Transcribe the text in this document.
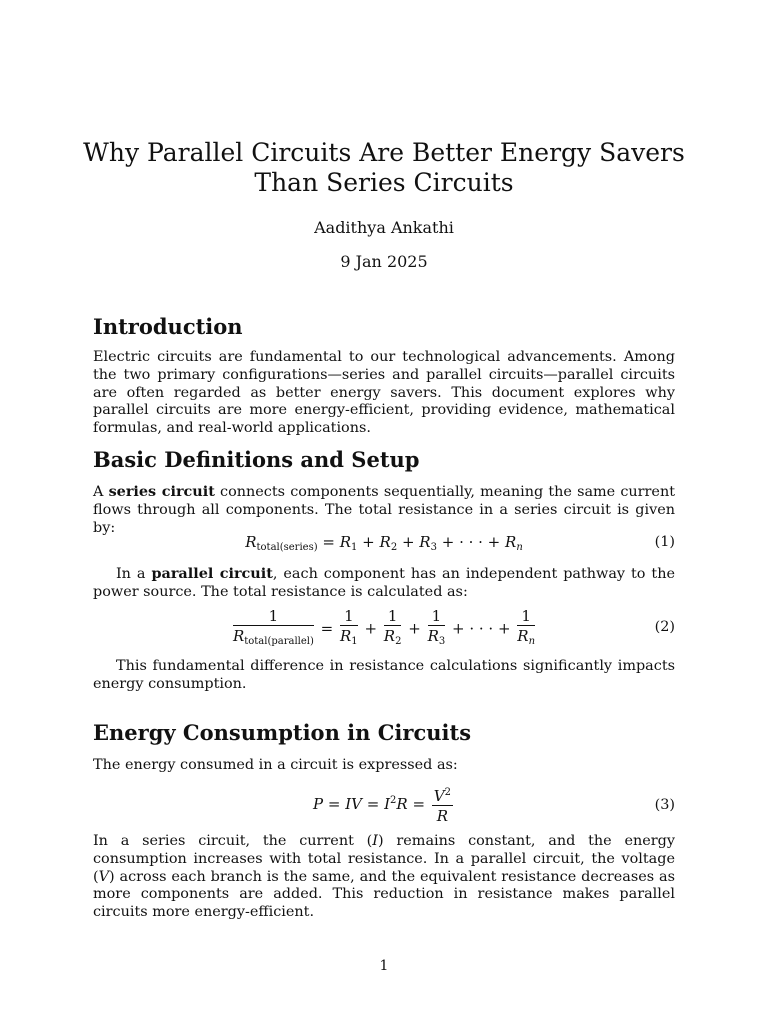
Why Parallel Circuits Are Better Energy Savers Than Series Circuits
Aadithya Ankathi
9 Jan 2025
Introduction

Electric circuits are fundamental to our technological advancements. Among the two primary configurations—series and parallel circuits—parallel circuits are often regarded as better energy savers. This document explores why parallel circuits are more energy-efficient, providing evidence, mathematical formulas, and real-world applications.

Basic Definitions and Setup

A series circuit connects components sequentially, meaning the same current flows through all components. The total resistance in a series circuit is given by:

$R_{total(series)} = R_1 + R_2 + R_3$ + · · · + $R_n$	(1)

In a parallel circuit, each component has an independent pathway to the power source. The total resistance is calculated as:

$\frac{1}{R_{total(parallel)}} = \frac{1}{R_1} + \frac{1}{R_2} + \frac{1}{R_3}$ + · · · + $\frac{1}{R_n}$	(2)

This fundamental difference in resistance calculations significantly impacts energy consumption.

Energy Consumption in Circuits

The energy consumed in a circuit is expressed as:

P = IV = $I^2R = \frac{V^2}{R}$	(3)

In a series circuit, the current (I) remains constant, and the energy consumption increases with total resistance. In a parallel circuit, the voltage (V) across each branch is the same, and the equivalent resistance decreases as more components are added. This reduction in resistance makes parallel circuits more energy-efficient.

1
